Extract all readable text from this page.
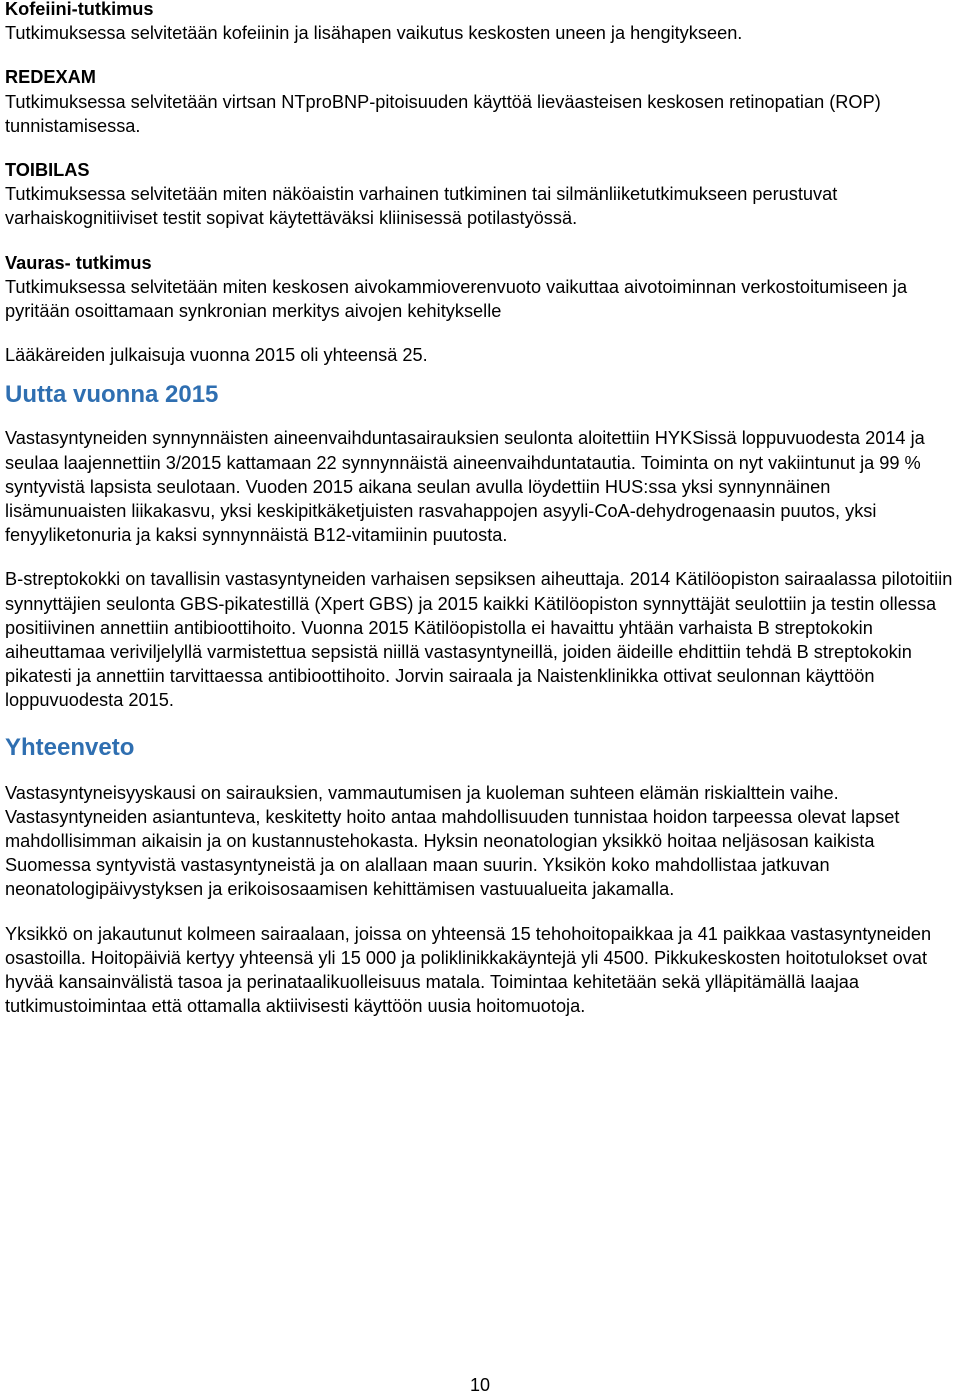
Kofeiini-tutkimus

Tutkimuksessa selvitetään kofeiinin ja lisähapen vaikutus keskosten uneen ja hengitykseen.

REDEXAM

Tutkimuksessa selvitetään virtsan NTproBNP-pitoisuuden käyttöä lieväasteisen keskosen retinopatian (ROP) tunnistamisessa.

TOIBILAS

Tutkimuksessa selvitetään miten näköaistin varhainen tutkiminen tai silmänliiketutkimukseen perustuvat varhaiskognitiiviset testit sopivat käytettäväksi kliinisessä potilastyössä.

Vauras- tutkimus

Tutkimuksessa selvitetään miten keskosen aivokammioverenvuoto vaikuttaa aivotoiminnan verkostoitumiseen ja pyritään osoittamaan synkronian merkitys aivojen kehitykselle

Lääkäreiden julkaisuja vuonna 2015 oli yhteensä 25.

Uutta vuonna 2015

Vastasyntyneiden synnynnäisten aineenvaihduntasairauksien seulonta aloitettiin HYKSissä loppuvuodesta 2014 ja seulaa laajennettiin 3/2015 kattamaan 22 synnynnäistä aineenvaihduntatautia. Toiminta on nyt vakiintunut ja 99 % syntyvistä lapsista seulotaan. Vuoden 2015 aikana seulan avulla löydettiin HUS:ssa yksi synnynnäinen lisämunuaisten liikakasvu, yksi keskipitkäketjuisten rasvahappojen asyyli-CoA-dehydrogenaasin puutos, yksi fenyyliketonuria ja kaksi synnynnäistä B12-vitamiinin puutosta.

B-streptokokki on tavallisin vastasyntyneiden varhaisen sepsiksen aiheuttaja. 2014 Kätilöopiston sairaalassa pilotoitiin synnyttäjien seulonta GBS-pikatestillä (Xpert GBS) ja 2015 kaikki Kätilöopiston synnyttäjät seulottiin ja testin ollessa positiivinen annettiin antibioottihoito. Vuonna 2015 Kätilöopistolla ei havaittu yhtään varhaista B streptokokin aiheuttamaa veriviljelyllä varmistettua sepsistä niillä vastasyntyneillä, joiden äideille ehdittiin tehdä B streptokokin pikatesti ja annettiin tarvittaessa antibioottihoito. Jorvin sairaala ja Naistenklinikka ottivat seulonnan käyttöön loppuvuodesta 2015.

Yhteenveto

Vastasyntyneisyyskausi on sairauksien, vammautumisen ja kuoleman suhteen elämän riskialttein vaihe. Vastasyntyneiden asiantunteva, keskitetty hoito antaa mahdollisuuden tunnistaa hoidon tarpeessa olevat lapset mahdollisimman aikaisin ja on kustannustehokasta. Hyksin neonatologian yksikkö hoitaa neljäsosan kaikista Suomessa syntyvistä vastasyntyneistä ja on alallaan maan suurin. Yksikön koko mahdollistaa jatkuvan neonatologipäivystyksen ja erikoisosaamisen kehittämisen vastuualueita jakamalla.

Yksikkö on jakautunut kolmeen sairaalaan, joissa on yhteensä 15 tehohoitopaikkaa ja 41 paikkaa vastasyntyneiden osastoilla. Hoitopäiviä kertyy yhteensä yli 15 000 ja poliklinikkakäyntejä yli 4500. Pikkukeskosten hoitotulokset ovat hyvää kansainvälistä tasoa ja perinataalikuolleisuus matala. Toimintaa kehitetään sekä ylläpitämällä laajaa tutkimustoimintaa että ottamalla aktiivisesti käyttöön uusia hoitomuotoja.

10
